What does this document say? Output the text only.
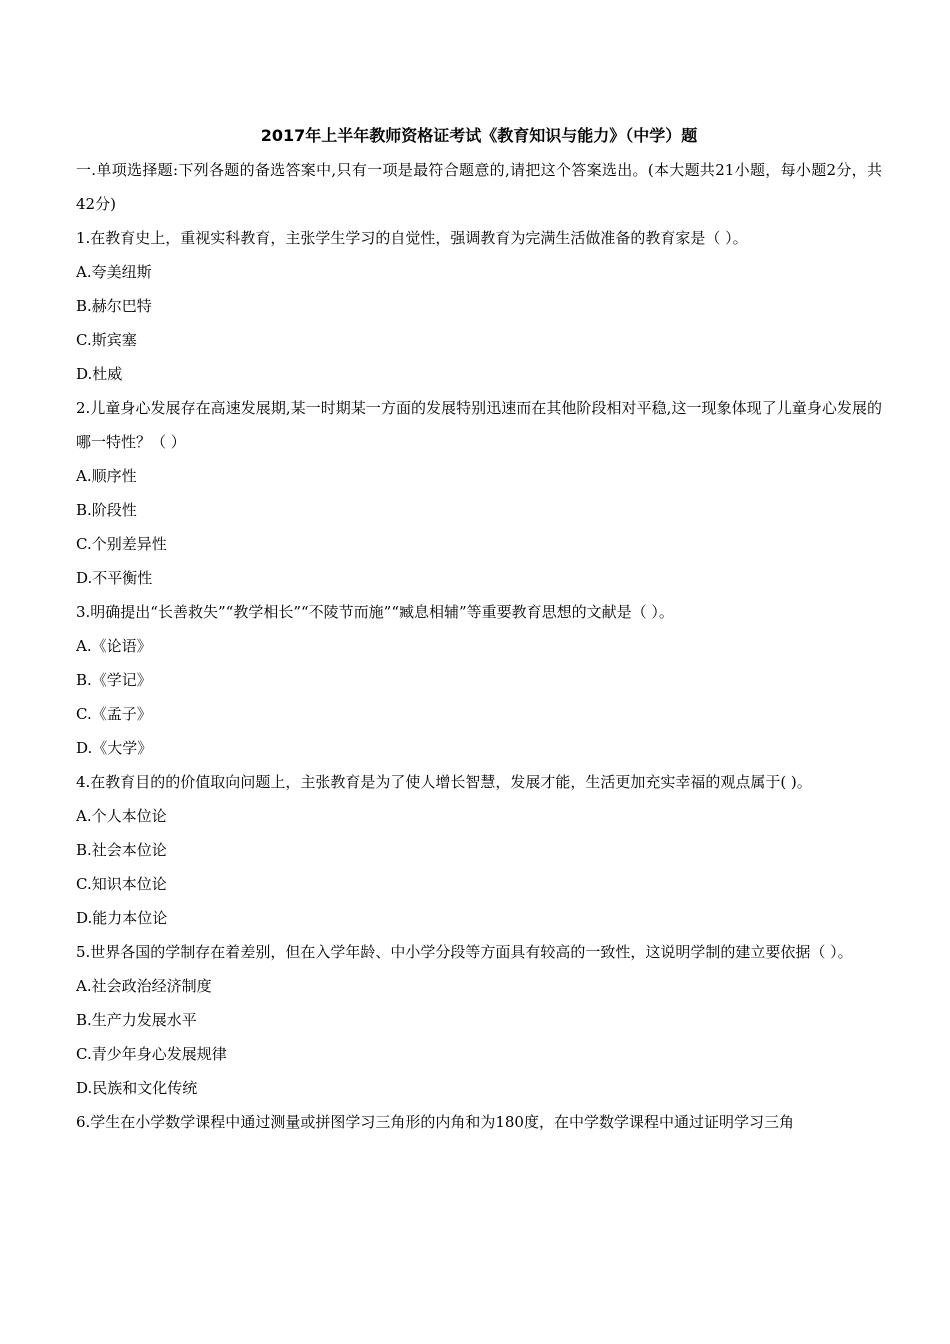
2017年上半年教师资格证考试《教育知识与能力》（中学）题

一.单项选择题:下列各题的备选答案中,只有一项是最符合题意的,请把这个答案选出。(本大题共21小题，每小题2分，共42分)

1.在教育史上，重视实科教育，主张学生学习的自觉性，强调教育为完满生活做准备的教育家是（ ）。

A.夸美纽斯

B.赫尔巴特

C.斯宾塞

D.杜威

2.儿童身心发展存在高速发展期,某一时期某一方面的发展特别迅速而在其他阶段相对平稳,这一现象体现了儿童身心发展的哪一特性？（ ）

A.顺序性

B.阶段性

C.个别差异性

D.不平衡性

3.明确提出“长善救失”“教学相长”“不陵节而施”“臧息相辅”等重要教育思想的文献是（ ）。

A.《论语》

B.《学记》

C.《孟子》

D.《大学》

4.在教育目的的价值取向问题上，主张教育是为了使人增长智慧，发展才能，生活更加充实幸福的观点属于( )。

A.个人本位论

B.社会本位论

C.知识本位论

D.能力本位论

5.世界各国的学制存在着差别，但在入学年龄、中小学分段等方面具有较高的一致性，这说明学制的建立要依据（ ）。

A.社会政治经济制度

B.生产力发展水平

C.青少年身心发展规律

D.民族和文化传统

6.学生在小学数学课程中通过测量或拼图学习三角形的内角和为180度，在中学数学课程中通过证明学习三角
